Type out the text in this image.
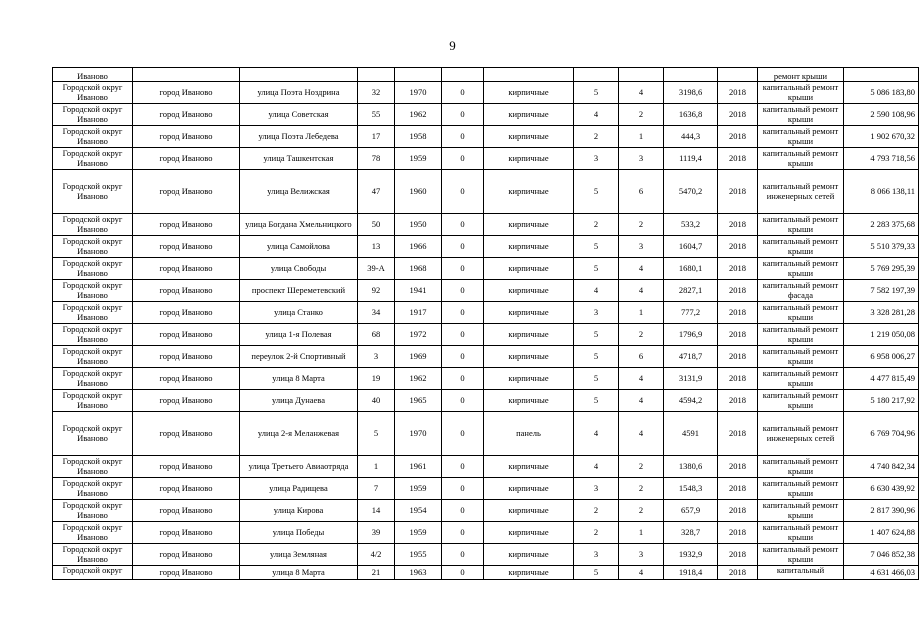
9
Иваново											ремонт крыши	
Городской округ Иваново	город Иваново	улица Поэта Ноздрина	32	1970	0	кирпичные	5	4	3198,6	2018	капитальный ремонт крыши	5 086 183,80
Городской округ Иваново	город Иваново	улица Советская	55	1962	0	кирпичные	4	2	1636,8	2018	капитальный ремонт крыши	2 590 108,96
Городской округ Иваново	город Иваново	улица Поэта Лебедева	17	1958	0	кирпичные	2	1	444,3	2018	капитальный ремонт крыши	1 902 670,32
Городской округ Иваново	город Иваново	улица Ташкентская	78	1959	0	кирпичные	3	3	1119,4	2018	капитальный ремонт крыши	4 793 718,56
Городской округ Иваново	город Иваново	улица Велижская	47	1960	0	кирпичные	5	6	5470,2	2018	капитальный ремонт инженерных сетей	8 066 138,11
Городской округ Иваново	город Иваново	улица Богдана Хмельницкого	50	1950	0	кирпичные	2	2	533,2	2018	капитальный ремонт крыши	2 283 375,68
Городской округ Иваново	город Иваново	улица Самойлова	13	1966	0	кирпичные	5	3	1604,7	2018	капитальный ремонт крыши	5 510 379,33
Городской округ Иваново	город Иваново	улица Свободы	39-А	1968	0	кирпичные	5	4	1680,1	2018	капитальный ремонт крыши	5 769 295,39
Городской округ Иваново	город Иваново	проспект Шереметевский	92	1941	0	кирпичные	4	4	2827,1	2018	капитальный ремонт фасада	7 582 197,39
Городской округ Иваново	город Иваново	улица Станко	34	1917	0	кирпичные	3	1	777,2	2018	капитальный ремонт крыши	3 328 281,28
Городской округ Иваново	город Иваново	улица 1-я Полевая	68	1972	0	кирпичные	5	2	1796,9	2018	капитальный ремонт крыши	1 219 050,08
Городской округ Иваново	город Иваново	переулок 2-й Спортивный	3	1969	0	кирпичные	5	6	4718,7	2018	капитальный ремонт крыши	6 958 006,27
Городской округ Иваново	город Иваново	улица 8 Марта	19	1962	0	кирпичные	5	4	3131,9	2018	капитальный ремонт крыши	4 477 815,49
Городской округ Иваново	город Иваново	улица Дунаева	40	1965	0	кирпичные	5	4	4594,2	2018	капитальный ремонт крыши	5 180 217,92
Городской округ Иваново	город Иваново	улица 2-я Меланжевая	5	1970	0	панель	4	4	4591	2018	капитальный ремонт инженерных сетей	6 769 704,96
Городской округ Иваново	город Иваново	улица Третьего Авиаотряда	1	1961	0	кирпичные	4	2	1380,6	2018	капитальный ремонт крыши	4 740 842,34
Городской округ Иваново	город Иваново	улица Радищева	7	1959	0	кирпичные	3	2	1548,3	2018	капитальный ремонт крыши	6 630 439,92
Городской округ Иваново	город Иваново	улица Кирова	14	1954	0	кирпичные	2	2	657,9	2018	капитальный ремонт крыши	2 817 390,96
Городской округ Иваново	город Иваново	улица Победы	39	1959	0	кирпичные	2	1	328,7	2018	капитальный ремонт крыши	1 407 624,88
Городской округ Иваново	город Иваново	улица Земляная	4/2	1955	0	кирпичные	3	3	1932,9	2018	капитальный ремонт крыши	7 046 852,38
Городской округ	город Иваново	улица 8 Марта	21	1963	0	кирпичные	5	4	1918,4	2018	капитальный	4 631 466,03
